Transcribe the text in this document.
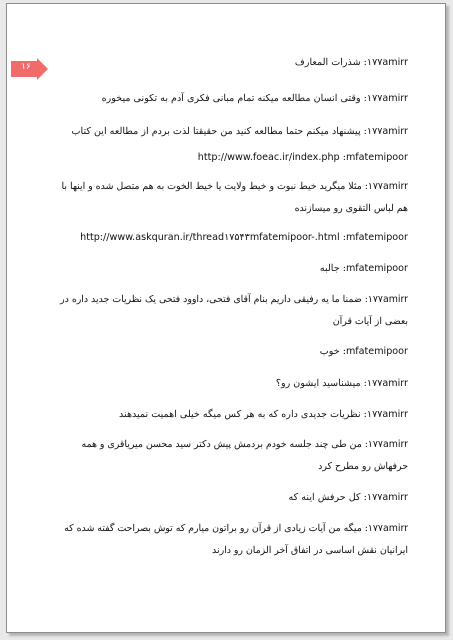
۱۶	۱۷۷amirr: شذرات المعارف
۱۷۷amirr: وقتی انسان مطالعه میکنه تمام مبانی فکری آدم به تکونی میخوره
۱۷۷amirr: پیشنهاد میکنم حتما مطالعه کنید من حقیقتا لذت بردم از مطالعه این کتاب
mfatemipoor: http://www.foeac.ir/index.php
۱۷۷amirr: مثلا میگرید خیط نبوت و خیط ولایت یا خیط الخوت به هم متصل شده و اینها با هم لباس التقوی رو میسازنده
mfatemipoor: http://www.askquran.ir/thread۱۷۵۴۳mfatemipoor-.html
mfatemipoor: جالبه
۱۷۷amirr: ضمنا ما یه رفیقی داریم بنام آقای فتحی، داوود فتحی یک نظریات جدید داره در بعضی از آیات قرآن
mfatemipoor: خوب
۱۷۷amirr: میشناسید ایشون رو؟
۱۷۷amirr: نظریات جدیدی داره که به هر کس میگه خیلی اهمیت نمیدهند
۱۷۷amirr: من طی چند جلسه خودم بردمش پیش دکتر سید محسن میریاقری و همه حرفهاش رو مطرح کرد
۱۷۷amirr: کل حرفش اینه که
۱۷۷amirr: میگه من آیات زیادی از قرآن رو براتون میارم که توش بصراحت گفته شده که ایرانیان نقش اساسی در اتفاق آخر الزمان رو دارند
